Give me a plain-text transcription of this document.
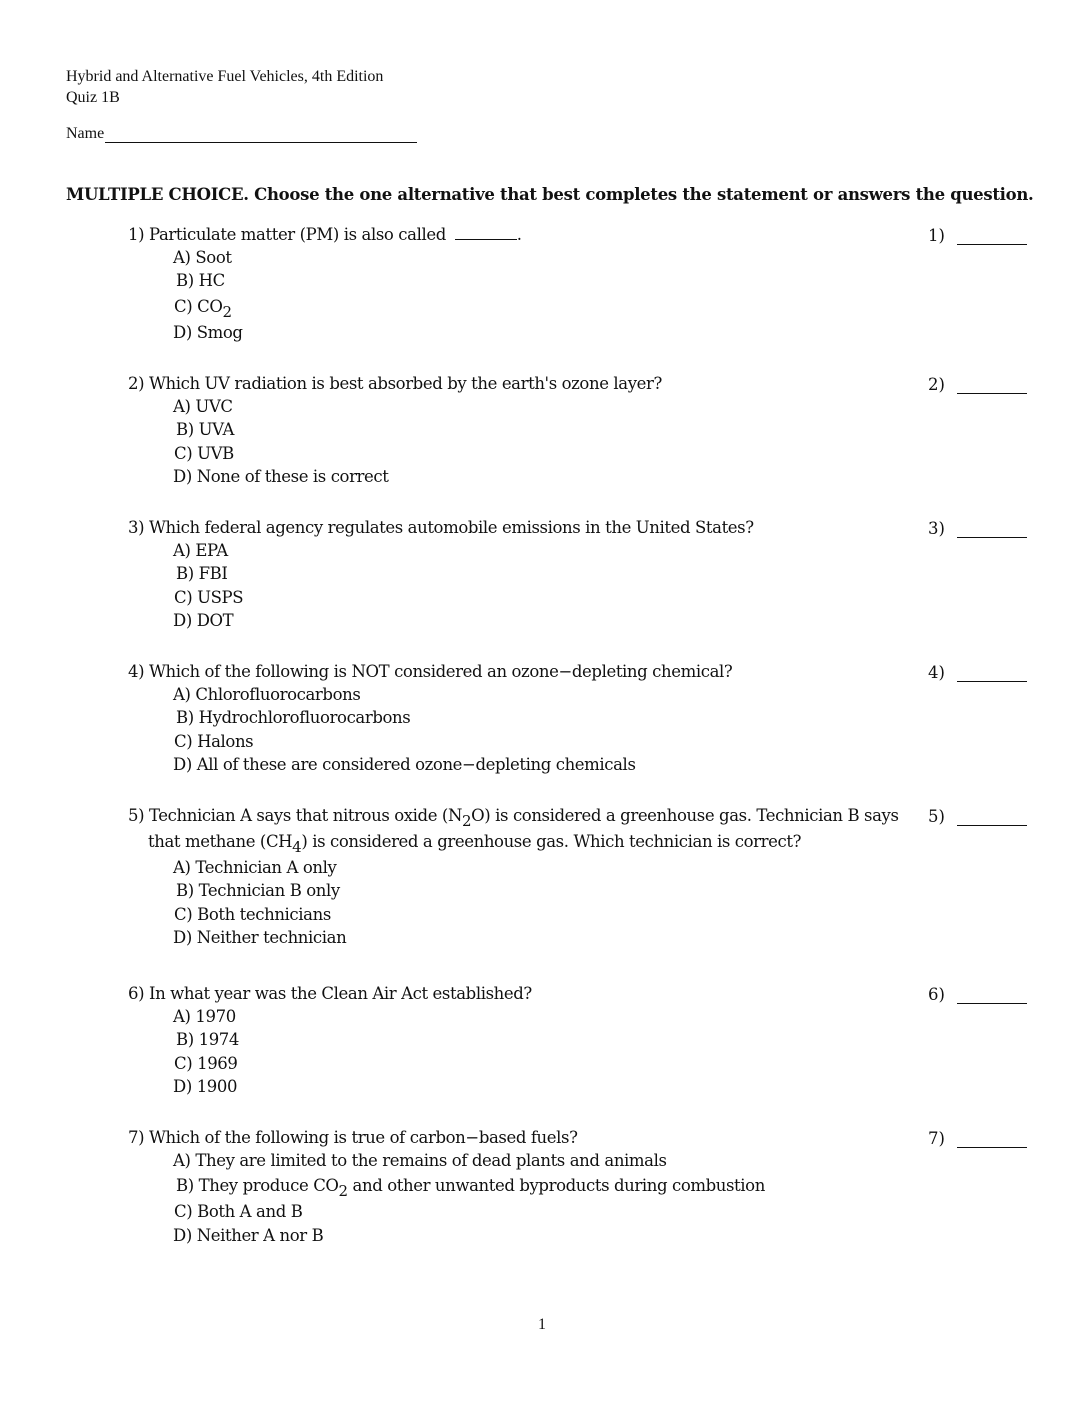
Hybrid and Alternative Fuel Vehicles, 4th Edition
Quiz 1B
Name
MULTIPLE CHOICE. Choose the one alternative that best completes the statement or answers the question.
1) Particulate matter (PM) is also called	.
A) Soot
B) HC
C) $CO_2$
D) Smog
1)
2) Which UV radiation is best absorbed by the earth's ozone layer?
A) UVC
B) UVA
C) UVB
D) None of these is correct
2)
3) Which federal agency regulates automobile emissions in the United States?
A) EPA
B) FBI
C) USPS
D) DOT
3)
4) Which of the following is NOT considered an ozone−depleting chemical?
A) Chlorofluorocarbons
B) Hydrochlorofluorocarbons
C) Halons
D) All of these are considered ozone−depleting chemicals
4)
5) Technician A says that nitrous oxide $(N_2O)$ is considered a greenhouse gas. Technician B says
that methane $(CH_4)$ is considered a greenhouse gas. Which technician is correct?
A) Technician A only
B) Technician B only
C) Both technicians
D) Neither technician
5)
6) In what year was the Clean Air Act established?
A) 1970
B) 1974
C) 1969
D) 1900
6)
7) Which of the following is true of carbon−based fuels?
A) They are limited to the remains of dead plants and animals
B) They produce $CO_2$ and other unwanted byproducts during combustion
C) Both A and B
D) Neither A nor B
7)
1
